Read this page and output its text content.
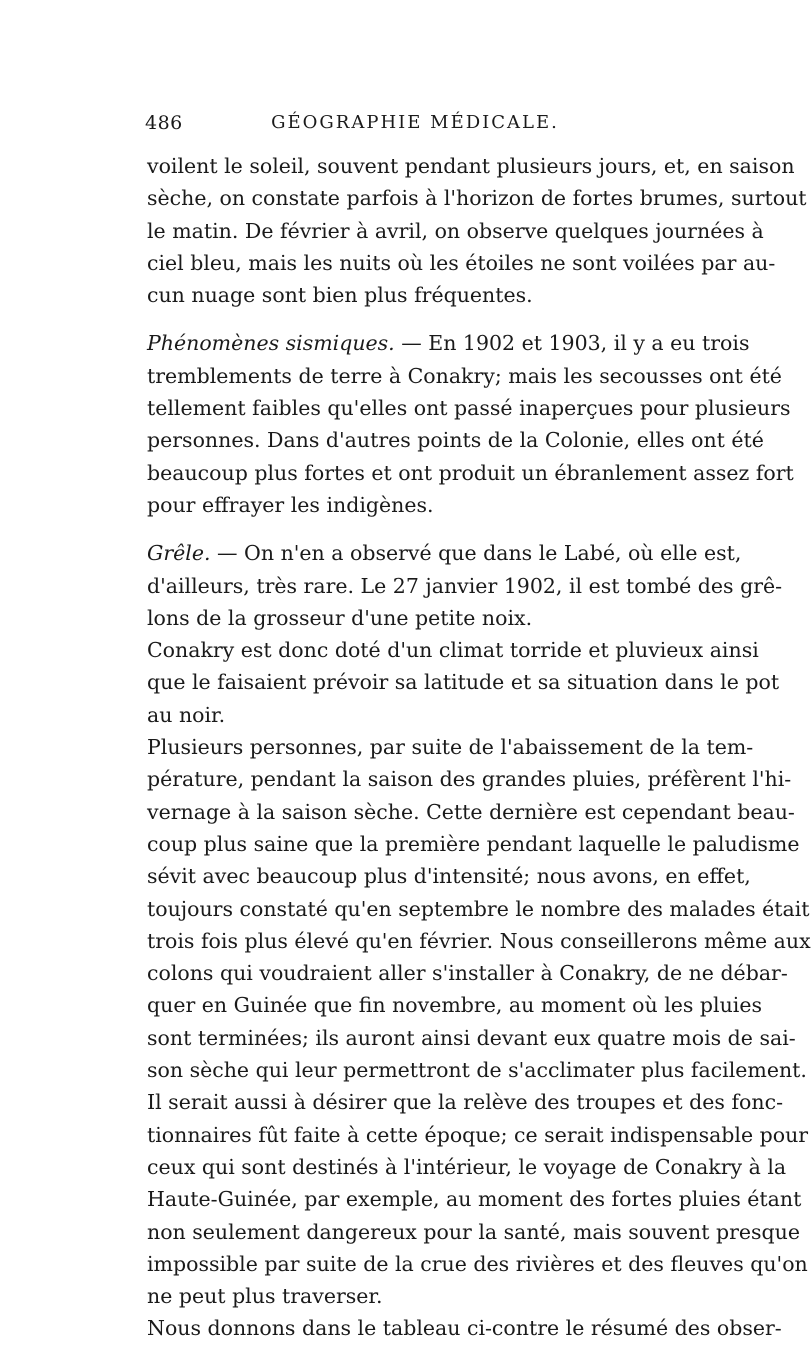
486	GÉOGRAPHIE MÉDICALE.
voilent le soleil, souvent pendant plusieurs jours, et, en saison
sèche, on constate parfois à l'horizon de fortes brumes, surtout
le matin. De février à avril, on observe quelques journées à
ciel bleu, mais les nuits où les étoiles ne sont voilées par au-
cun nuage sont bien plus fréquentes.
Phénomènes sismiques. — En 1902 et 1903, il y a eu trois
tremblements de terre à Conakry; mais les secousses ont été
tellement faibles qu'elles ont passé inaperçues pour plusieurs
personnes. Dans d'autres points de la Colonie, elles ont été
beaucoup plus fortes et ont produit un ébranlement assez fort
pour effrayer les indigènes.
Grêle. — On n'en a observé que dans le Labé, où elle est,
d'ailleurs, très rare. Le 27 janvier 1902, il est tombé des grê-
lons de la grosseur d'une petite noix.
Conakry est donc doté d'un climat torride et pluvieux ainsi
que le faisaient prévoir sa latitude et sa situation dans le pot
au noir.
Plusieurs personnes, par suite de l'abaissement de la tem-
pérature, pendant la saison des grandes pluies, préfèrent l'hi-
vernage à la saison sèche. Cette dernière est cependant beau-
coup plus saine que la première pendant laquelle le paludisme
sévit avec beaucoup plus d'intensité; nous avons, en effet,
toujours constaté qu'en septembre le nombre des malades était
trois fois plus élevé qu'en février. Nous conseillerons même aux
colons qui voudraient aller s'installer à Conakry, de ne débar-
quer en Guinée que fin novembre, au moment où les pluies
sont terminées; ils auront ainsi devant eux quatre mois de sai-
son sèche qui leur permettront de s'acclimater plus facilement.
Il serait aussi à désirer que la relève des troupes et des fonc-
tionnaires fût faite à cette époque; ce serait indispensable pour
ceux qui sont destinés à l'intérieur, le voyage de Conakry à la
Haute-Guinée, par exemple, au moment des fortes pluies étant
non seulement dangereux pour la santé, mais souvent presque
impossible par suite de la crue des rivières et des fleuves qu'on
ne peut plus traverser.
Nous donnons dans le tableau ci-contre le résumé des obser-
